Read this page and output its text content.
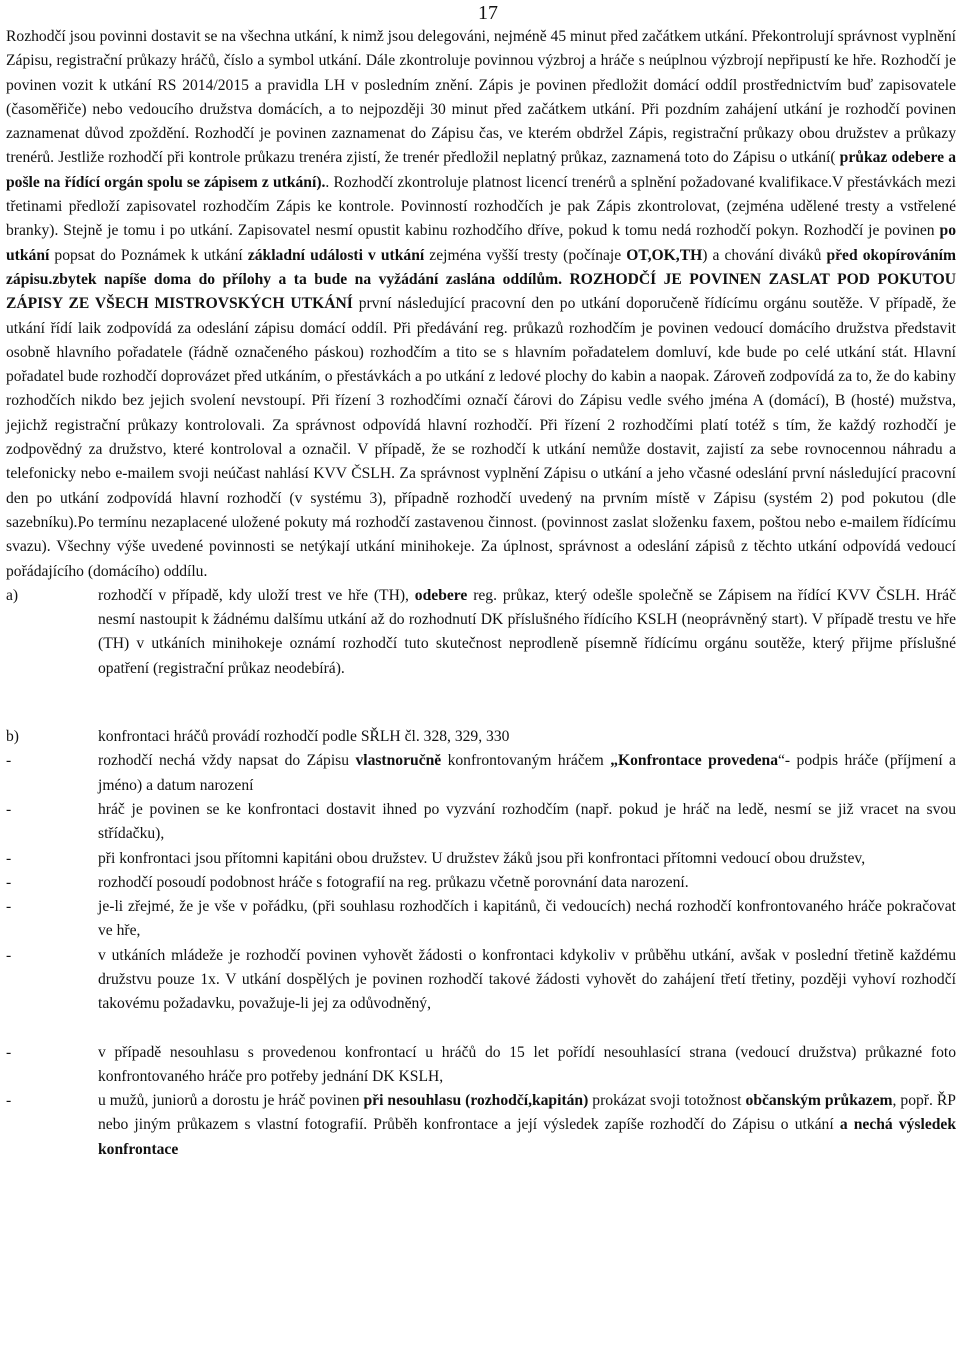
17

Rozhodčí jsou povinni dostavit se na všechna utkání, k nimž jsou delegováni, nejméně 45 minut před začátkem utkání. Překontrolují správnost vyplnění Zápisu, registrační průkazy hráčů, číslo a symbol utkání. Dále zkontroluje povinnou výzbroj a hráče s neúplnou výzbrojí nepřipustí ke hře. Rozhodčí je povinen vozit k utkání RS 2014/2015 a pravidla LH v posledním znění. Zápis je povinen předložit domácí oddíl prostřednictvím buď zapisovatele (časoměřiče) nebo vedoucího družstva domácích, a to nejpozději 30 minut před začátkem utkání. Při pozdním zahájení utkání je rozhodčí povinen zaznamenat důvod zpoždění. Rozhodčí je povinen zaznamenat do Zápisu čas, ve kterém obdržel Zápis, registrační průkazy obou družstev a průkazy trenérů. Jestliže rozhodčí při kontrole průkazu trenéra zjistí, že trenér předložil neplatný průkaz, zaznamená toto do Zápisu o utkání( průkaz odebere a pošle na řídící orgán spolu se zápisem z utkání).. Rozhodčí zkontroluje platnost licencí trenérů a splnění požadované kvalifikace.V přestávkách mezi třetinami předloží zapisovatel rozhodčím Zápis ke kontrole. Povinností rozhodčích je pak Zápis zkontrolovat, (zejména udělené tresty a vstřelené branky). Stejně je tomu i po utkání. Zapisovatel nesmí opustit kabinu rozhodčího dříve, pokud k tomu nedá rozhodčí pokyn. Rozhodčí je povinen po utkání popsat do Poznámek k utkání základní události v utkání zejména vyšší tresty (počínaje OT,OK,TH) a chování diváků před okopírováním zápisu.zbytek napíše doma do přílohy a ta bude na vyžádání zaslána oddílům. ROZHODČÍ JE POVINEN ZASLAT POD POKUTOU ZÁPISY ZE VŠECH MISTROVSKÝCH UTKÁNÍ první následující pracovní den po utkání doporučeně řídícímu orgánu soutěže. V případě, že utkání řídí laik zodpovídá za odeslání zápisu domácí oddíl. Při předávání reg. průkazů rozhodčím je povinen vedoucí domácího družstva představit osobně hlavního pořadatele (řádně označeného páskou) rozhodčím a tito se s hlavním pořadatelem domluví, kde bude po celé utkání stát. Hlavní pořadatel bude rozhodčí doprovázet před utkáním, o přestávkách a po utkání z ledové plochy do kabin a naopak. Zároveň zodpovídá za to, že do kabiny rozhodčích nikdo bez jejich svolení nevstoupí. Při řízení 3 rozhodčími označí čárovi do Zápisu vedle svého jména A (domácí), B (hosté) mužstva, jejichž registrační průkazy kontrolovali. Za správnost odpovídá hlavní rozhodčí. Při řízení 2 rozhodčími platí totéž s tím, že každý rozhodčí je zodpovědný za družstvo, které kontroloval a označil. V případě, že se rozhodčí k utkání nemůže dostavit, zajistí za sebe rovnocennou náhradu a telefonicky nebo e-mailem svoji neúčast nahlásí KVV ČSLH. Za správnost vyplnění Zápisu o utkání a jeho včasné odeslání první následující pracovní den po utkání zodpovídá hlavní rozhodčí (v systému 3), případně rozhodčí uvedený na prvním místě v Zápisu (systém 2) pod pokutou (dle sazebníku).Po termínu nezaplacené uložené pokuty má rozhodčí zastavenou činnost. (povinnost zaslat složenku faxem, poštou nebo e-mailem řídícímu svazu). Všechny výše uvedené povinnosti se netýkají utkání minihokeje. Za úplnost, správnost a odeslání zápisů z těchto utkání odpovídá vedoucí pořádajícího (domácího) oddílu.

a)	rozhodčí v případě, kdy uloží trest ve hře (TH), odebere reg. průkaz, který odešle společně se Zápisem na řídící KVV ČSLH. Hráč nesmí nastoupit k žádnému dalšímu utkání až do rozhodnutí DK příslušného řídícího KSLH (neoprávněný start). V případě trestu ve hře (TH) v utkáních minihokeje oznámí rozhodčí tuto skutečnost neprodleně písemně řídícímu orgánu soutěže, který přijme příslušné opatření (registrační průkaz neodebírá).

b)	konfrontaci hráčů provádí rozhodčí podle SŘLH čl. 328, 329, 330

-	rozhodčí nechá vždy napsat do Zápisu vlastnoručně konfrontovaným hráčem „Konfrontace provedena“- podpis hráče (příjmení a jméno) a datum narození

-	hráč je povinen se ke konfrontaci dostavit ihned po vyzvání rozhodčím (např. pokud je hráč na ledě, nesmí se již vracet na svou střídačku),

-	při konfrontaci jsou přítomni kapitáni obou družstev. U družstev žáků jsou při konfrontaci přítomni vedoucí obou družstev,

-	rozhodčí posoudí podobnost hráče s fotografií na reg. průkazu včetně porovnání data narození.

-	je-li zřejmé, že je vše v pořádku, (při souhlasu rozhodčích i kapitánů, či vedoucích) nechá rozhodčí konfrontovaného hráče pokračovat ve hře,

-	v utkáních mládeže je rozhodčí povinen vyhovět žádosti o konfrontaci kdykoliv v průběhu utkání, avšak v poslední třetině každému družstvu pouze 1x. V utkání dospělých je povinen rozhodčí takové žádosti vyhovět do zahájení třetí třetiny, později vyhoví rozhodčí takovému požadavku, považuje-li jej za odůvodněný,

-	v případě nesouhlasu s provedenou konfrontací u hráčů do 15 let pořídí nesouhlasící strana (vedoucí družstva) průkazné foto konfrontovaného hráče pro potřeby jednání DK KSLH,

-	u mužů, juniorů a dorostu je hráč povinen při nesouhlasu (rozhodčí,kapitán) prokázat svoji totožnost občanským průkazem, popř. ŘP nebo jiným průkazem s vlastní fotografií. Průběh konfrontace a její výsledek zapíše rozhodčí do Zápisu o utkání a nechá výsledek konfrontace
